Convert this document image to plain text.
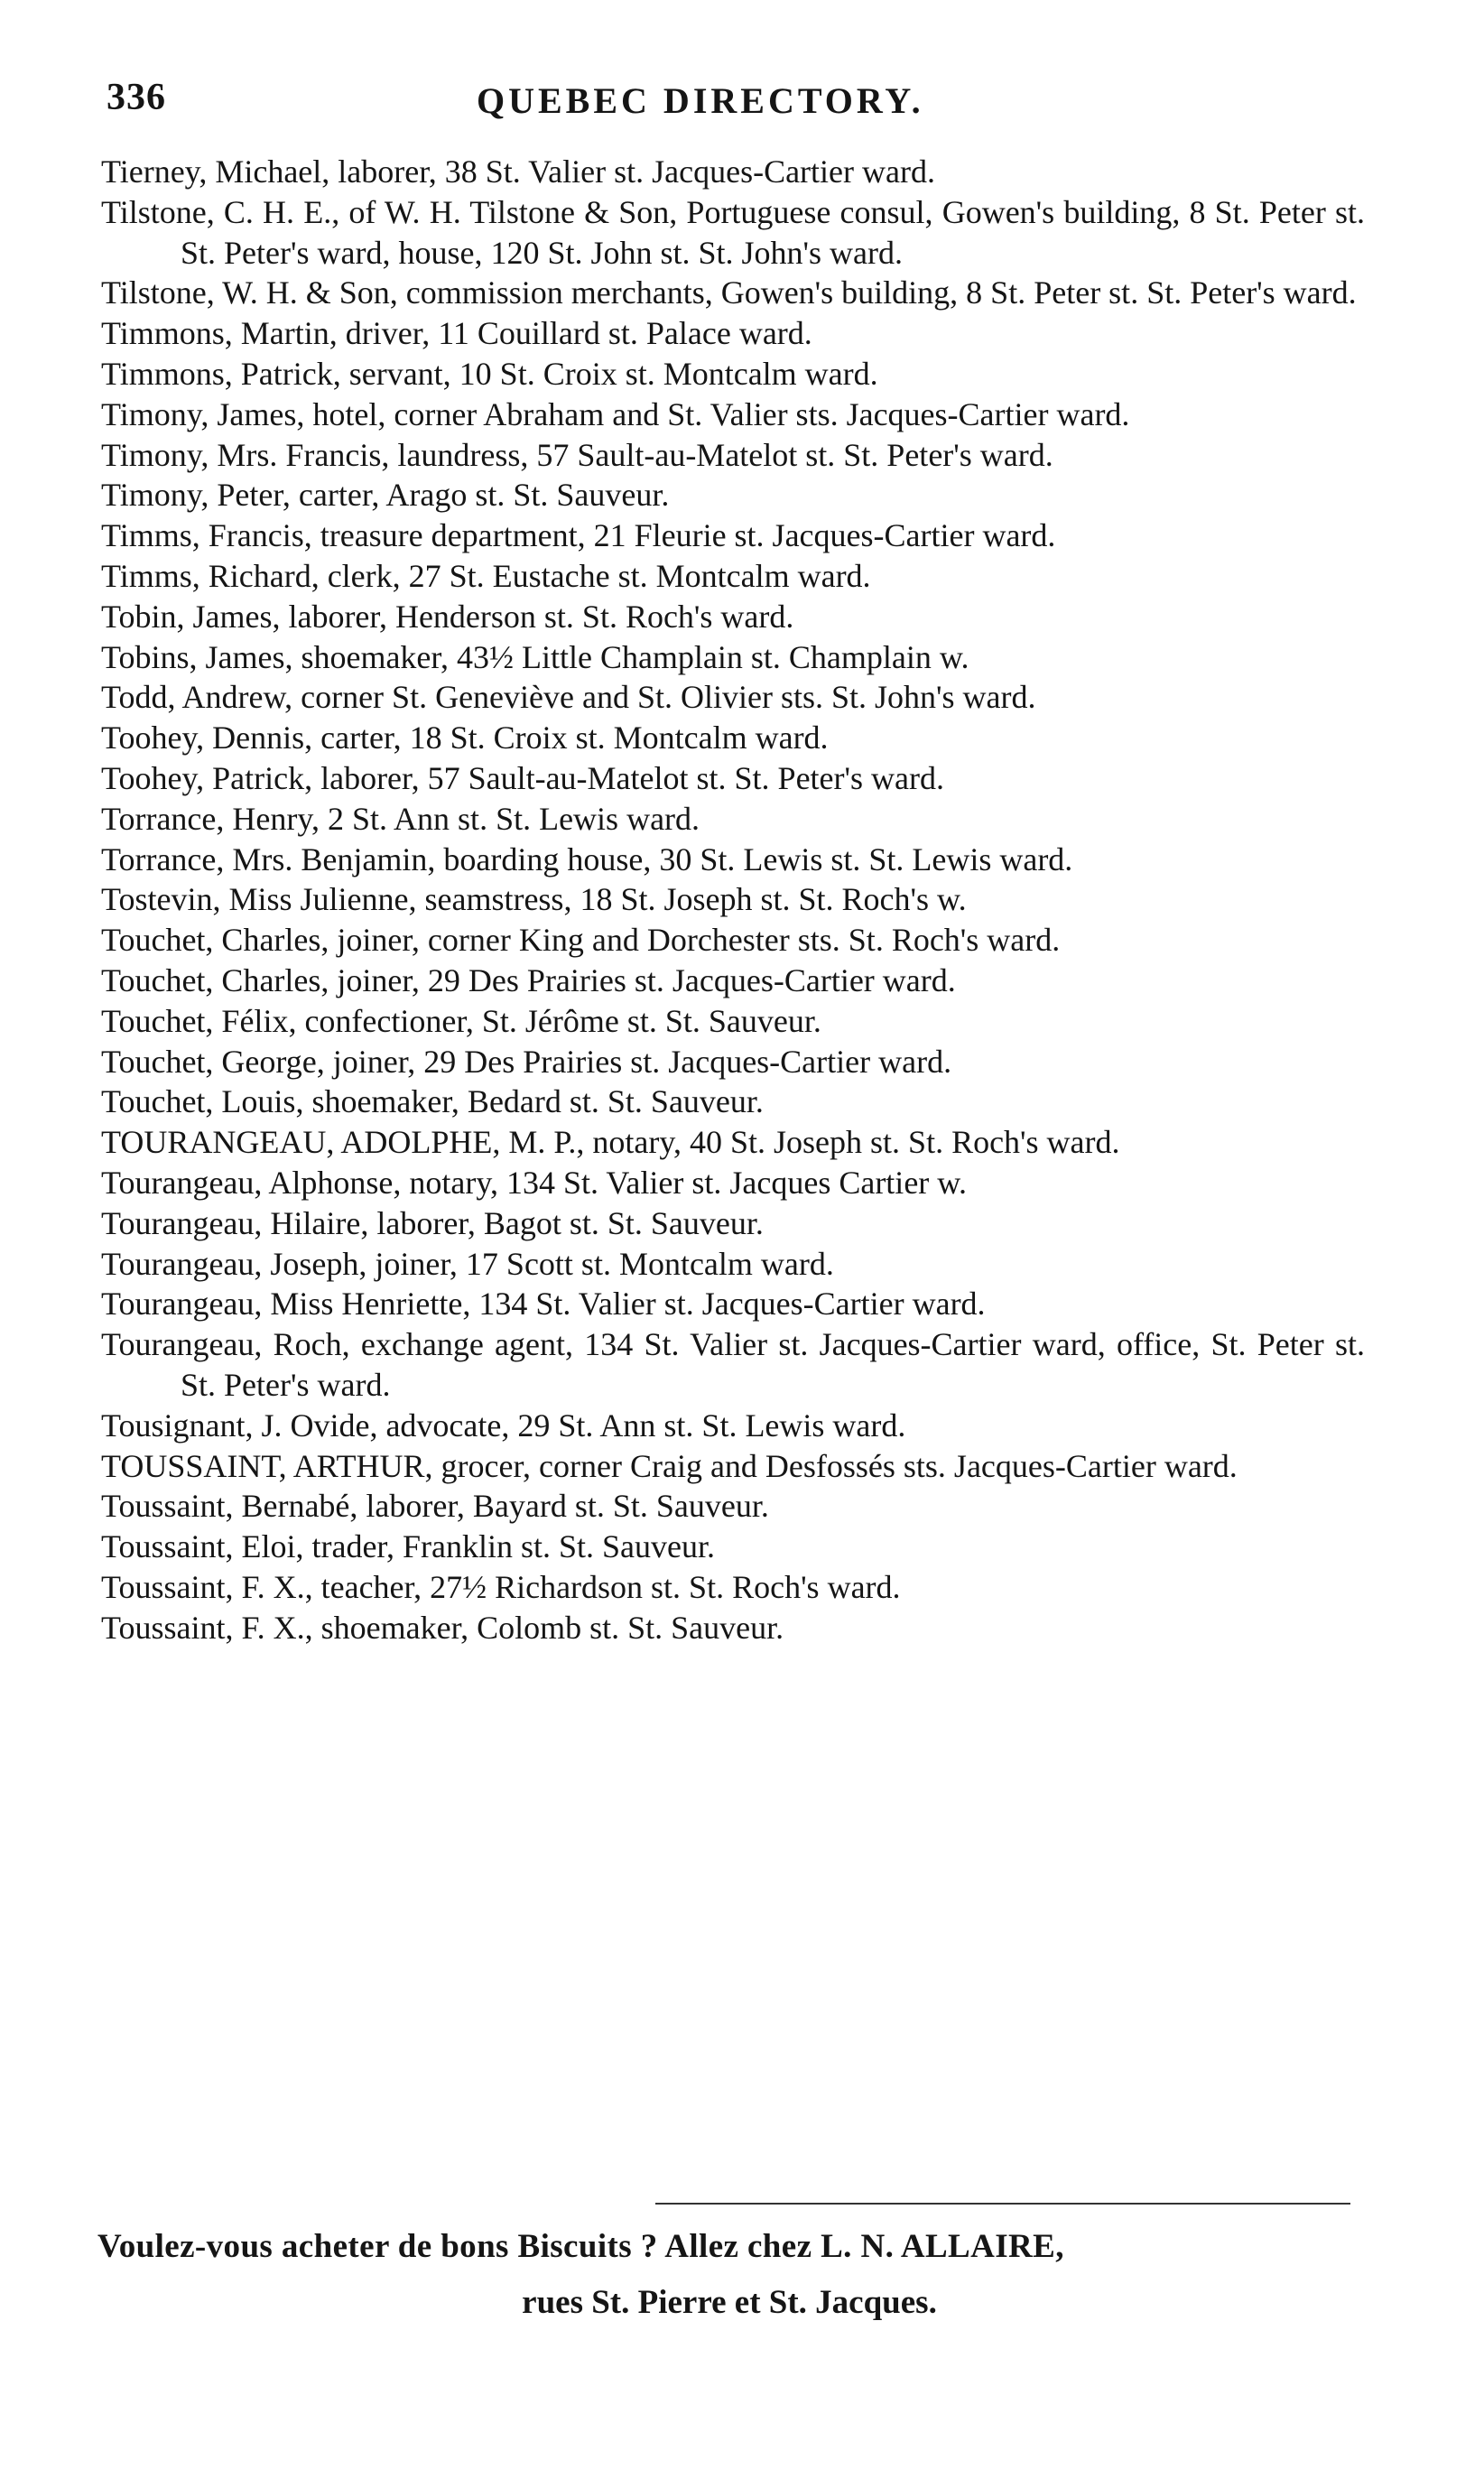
336	QUEBEC DIRECTORY.

Tierney, Michael, laborer, 38 St. Valier st. Jacques-Cartier ward.

Tilstone, C. H. E., of W. H. Tilstone & Son, Portuguese consul, Gowen's building, 8 St. Peter st. St. Peter's ward, house, 120 St. John st. St. John's ward.

Tilstone, W. H. & Son, commission merchants, Gowen's building, 8 St. Peter st. St. Peter's ward.

Timmons, Martin, driver, 11 Couillard st. Palace ward.

Timmons, Patrick, servant, 10 St. Croix st. Montcalm ward.

Timony, James, hotel, corner Abraham and St. Valier sts. Jacques-Cartier ward.

Timony, Mrs. Francis, laundress, 57 Sault-au-Matelot st. St. Peter's ward.

Timony, Peter, carter, Arago st. St. Sauveur.

Timms, Francis, treasure department, 21 Fleurie st. Jacques-Cartier ward.

Timms, Richard, clerk, 27 St. Eustache st. Montcalm ward.

Tobin, James, laborer, Henderson st. St. Roch's ward.

Tobins, James, shoemaker, 43½ Little Champlain st. Champlain w.

Todd, Andrew, corner St. Geneviève and St. Olivier sts. St. John's ward.

Toohey, Dennis, carter, 18 St. Croix st. Montcalm ward.

Toohey, Patrick, laborer, 57 Sault-au-Matelot st. St. Peter's ward.

Torrance, Henry, 2 St. Ann st. St. Lewis ward.

Torrance, Mrs. Benjamin, boarding house, 30 St. Lewis st. St. Lewis ward.

Tostevin, Miss Julienne, seamstress, 18 St. Joseph st. St. Roch's w.

Touchet, Charles, joiner, corner King and Dorchester sts. St. Roch's ward.

Touchet, Charles, joiner, 29 Des Prairies st. Jacques-Cartier ward.

Touchet, Félix, confectioner, St. Jérôme st. St. Sauveur.

Touchet, George, joiner, 29 Des Prairies st. Jacques-Cartier ward.

Touchet, Louis, shoemaker, Bedard st. St. Sauveur.

TOURANGEAU, ADOLPHE, M. P., notary, 40 St. Joseph st. St. Roch's ward.

Tourangeau, Alphonse, notary, 134 St. Valier st. Jacques Cartier w.

Tourangeau, Hilaire, laborer, Bagot st. St. Sauveur.

Tourangeau, Joseph, joiner, 17 Scott st. Montcalm ward.

Tourangeau, Miss Henriette, 134 St. Valier st. Jacques-Cartier ward.

Tourangeau, Roch, exchange agent, 134 St. Valier st. Jacques-Cartier ward, office, St. Peter st. St. Peter's ward.

Tousignant, J. Ovide, advocate, 29 St. Ann st. St. Lewis ward.

TOUSSAINT, ARTHUR, grocer, corner Craig and Desfossés sts. Jacques-Cartier ward.

Toussaint, Bernabé, laborer, Bayard st. St. Sauveur.

Toussaint, Eloi, trader, Franklin st. St. Sauveur.

Toussaint, F. X., teacher, 27½ Richardson st. St. Roch's ward.

Toussaint, F. X., shoemaker, Colomb st. St. Sauveur.

Voulez-vous acheter de bons Biscuits ? Allez chez L. N. ALLAIRE,
rues St. Pierre et St. Jacques.
